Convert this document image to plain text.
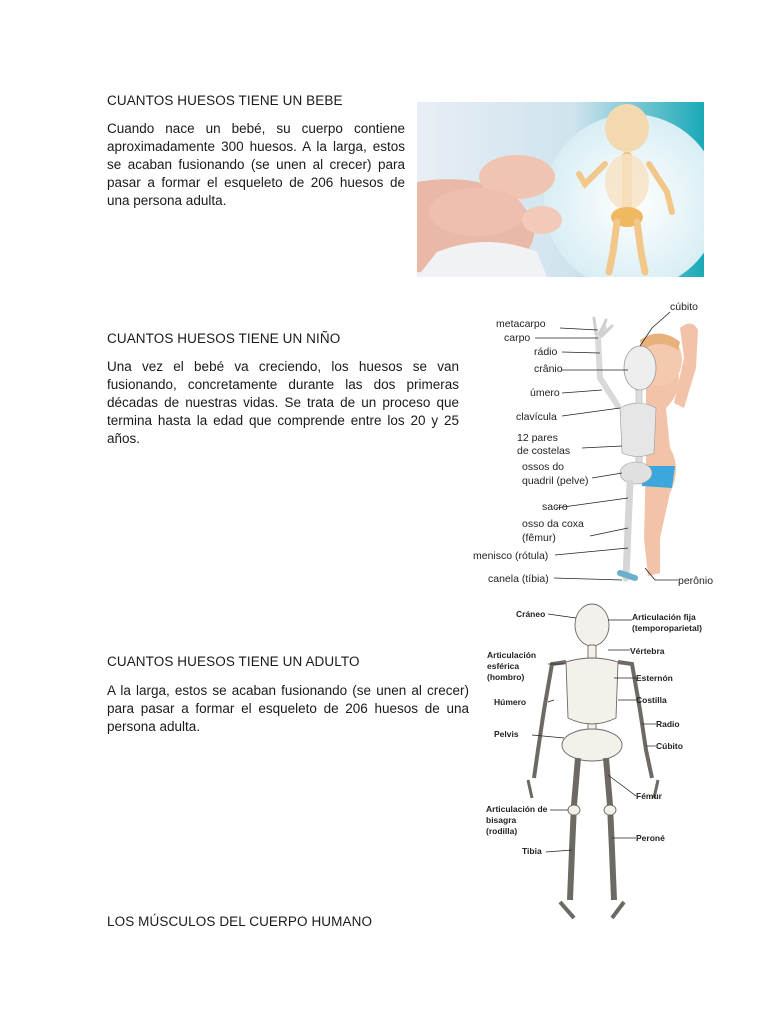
CUANTOS HUESOS TIENE UN BEBE

Cuando nace un bebé, su cuerpo contiene aproximadamente 300 huesos. A la larga, estos se acaban fusionando (se unen al crecer) para pasar a formar el esqueleto de 206 huesos de una persona adulta.

CUANTOS HUESOS TIENE UN NIÑO

Una vez el bebé va creciendo, los huesos se van fusionando, concretamente durante las dos primeras décadas de nuestras vidas. Se trata de un proceso que termina hasta la edad que comprende entre los 20 y 25 años.

cúbito
metacarpo
carpo
rádio
crânio
úmero
clavícula
12 pares
de costelas
ossos do
quadril (pelve)
sacro
osso da coxa
(fêmur)
menisco (rótula)
canela (tíbia)	perônio
CUANTOS HUESOS TIENE UN ADULTO

A la larga, estos se acaban fusionando (se unen al crecer) para pasar a formar el esqueleto de 206 huesos de una persona adulta.

Cráneo	Articulación fija
(temporoparietal)
Articulación
esférica
(hombro)
Vértebra
Esternón
Húmero	Costilla
Radio
Pelvis
Cúbito
Fémur
Articulación de
bisagra
(rodilla)
Peroné
Tibia
LOS MÚSCULOS DEL CUERPO HUMANO
